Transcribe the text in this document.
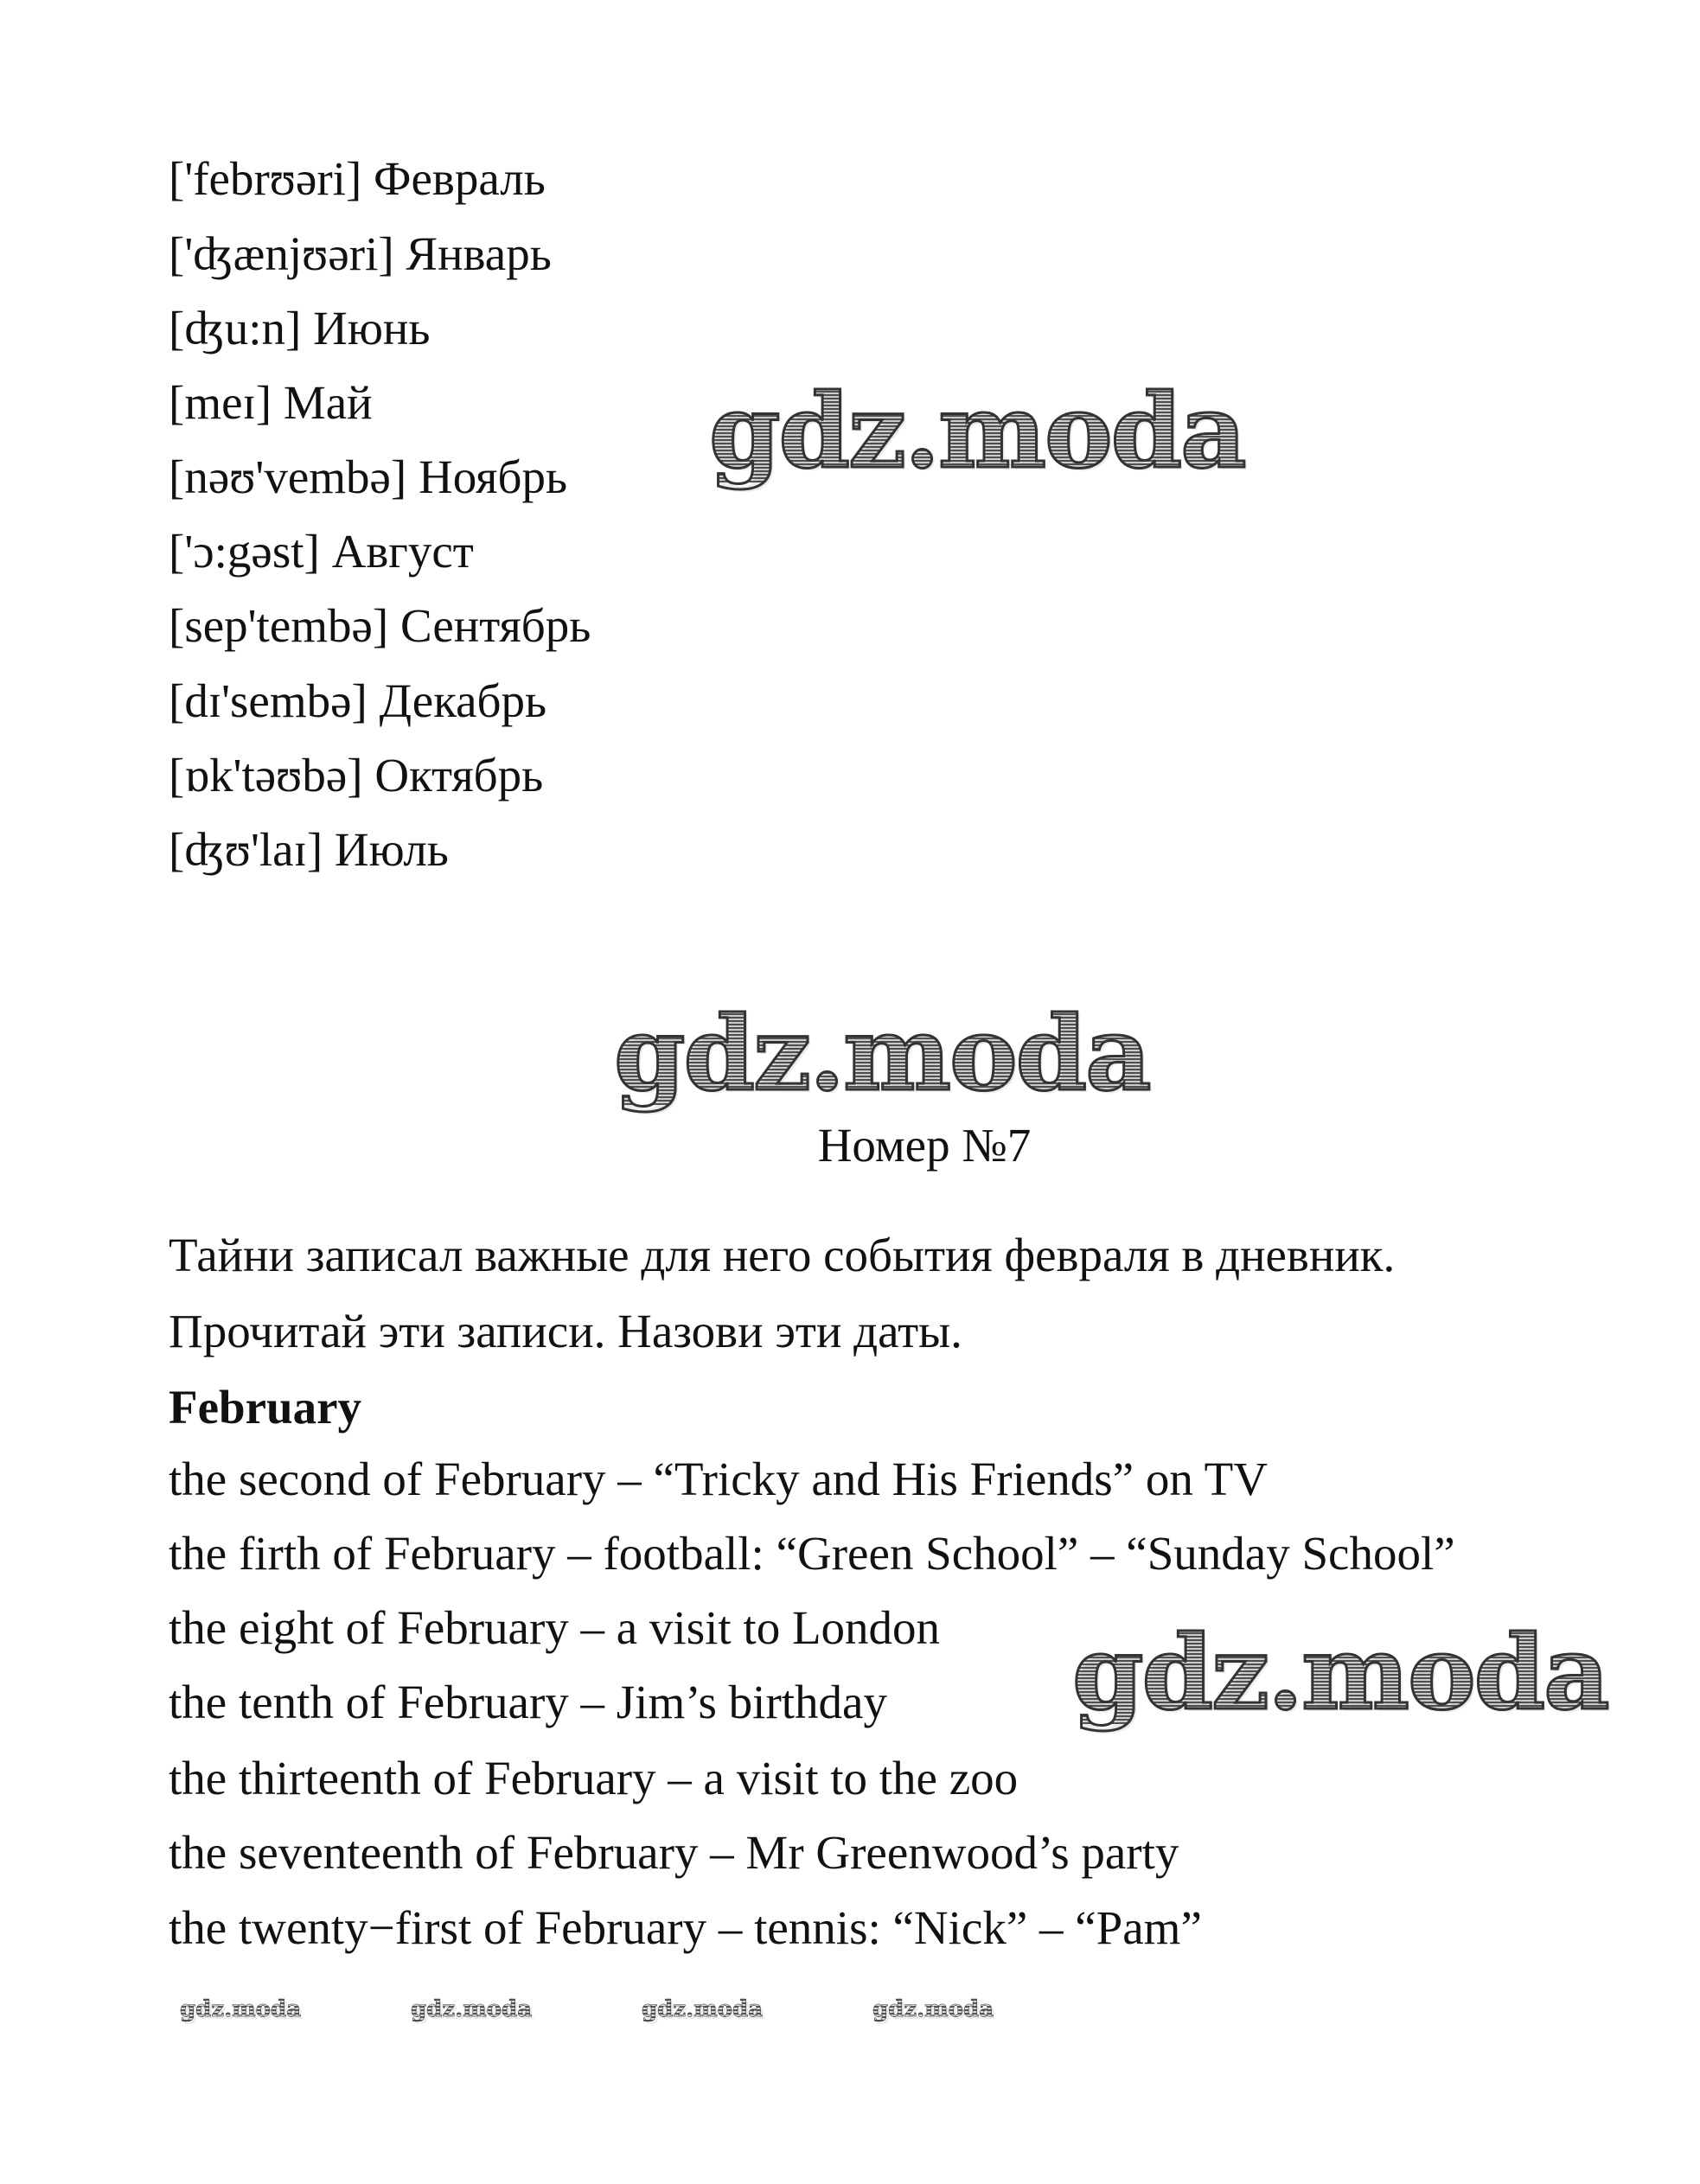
['febrʊəri] Февраль
['ʤænjʊəri] Январь
[ʤu:n] Июнь
[meɪ] Май
[nəʊ'vembə] Ноябрь
['ɔ:gəst] Август
[sep'tembə] Сентябрь
[dɪ'sembə] Декабрь
[ɒk'təʊbə] Октябрь
[ʤʊ'laɪ] Июль
Номер №7
Тайни записал важные для него события февраля в дневник.
Прочитай эти записи. Назови эти даты.
February
the second of February – “Tricky and His Friends” on TV
the firth of February – football: “Green School” – “Sunday School”
the eight of February – a visit to London
the tenth of February – Jim’s birthday
the thirteenth of February – a visit to the zoo
the seventeenth of February – Mr Greenwood’s party
the twenty−first of February – tennis: “Nick” – “Pam”
gdz.moda
gdz.moda
gdz.moda
gdz.moda	gdz.moda	gdz.moda	gdz.moda
